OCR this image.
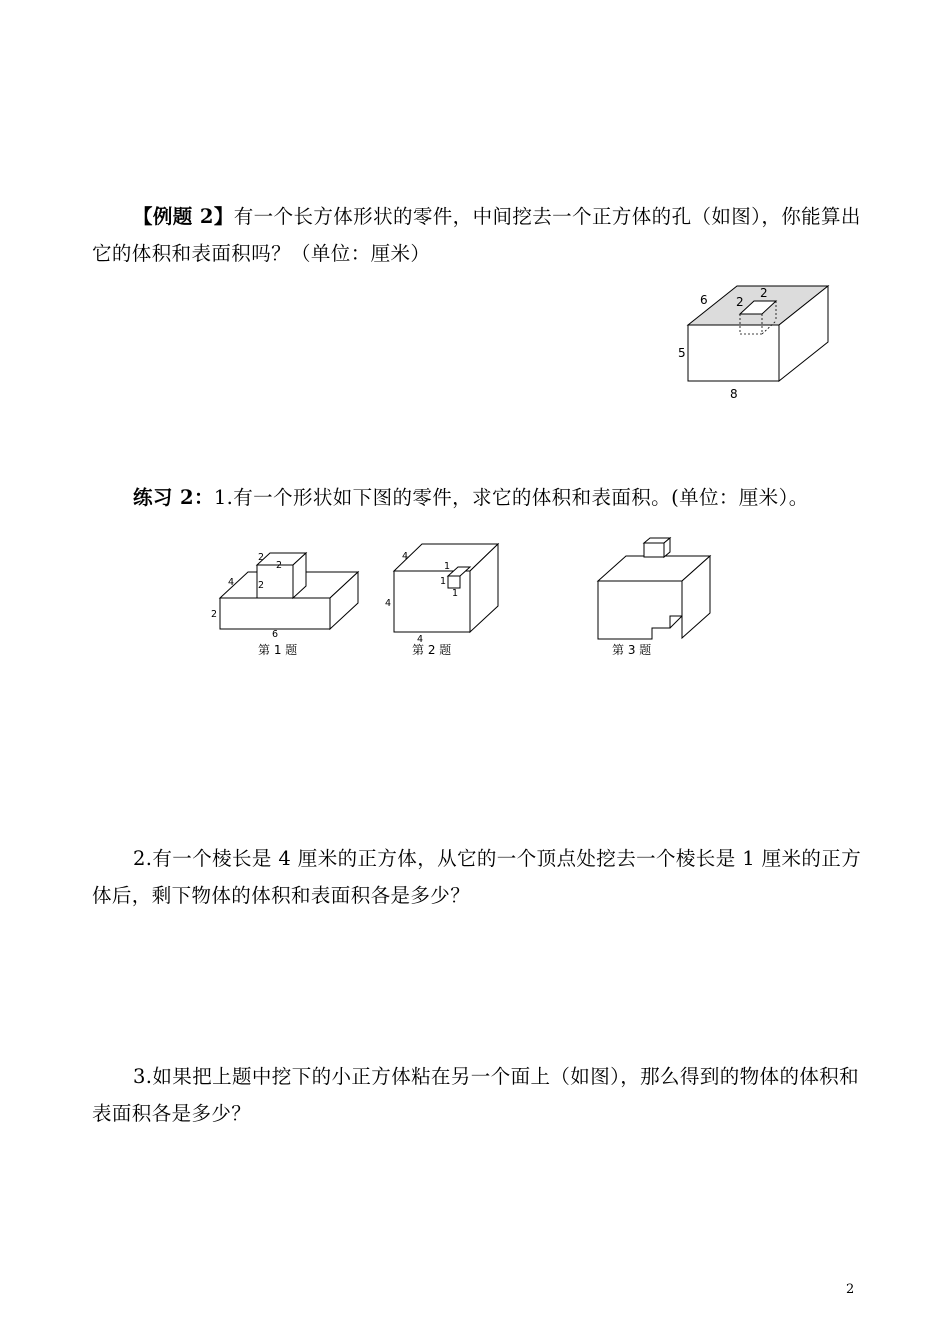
【例题 2】有一个长方体形状的零件，中间挖去一个正方体的孔（如图），你能算出它的体积和表面积吗？（单位：厘米）

6 2
2
5
8

练习 2：1.有一个形状如下图的零件，求它的体积和表面积。(单位：厘米）。

2
2
2
4
2
6
第 1 题
4
4
4
1
1
1
第 2 题	第 3 题

2.有一个棱长是 4 厘米的正方体，从它的一个顶点处挖去一个棱长是 1 厘米的正方体后，剩下物体的体积和表面积各是多少？

3.如果把上题中挖下的小正方体粘在另一个面上（如图），那么得到的物体的体积和表面积各是多少？

2
